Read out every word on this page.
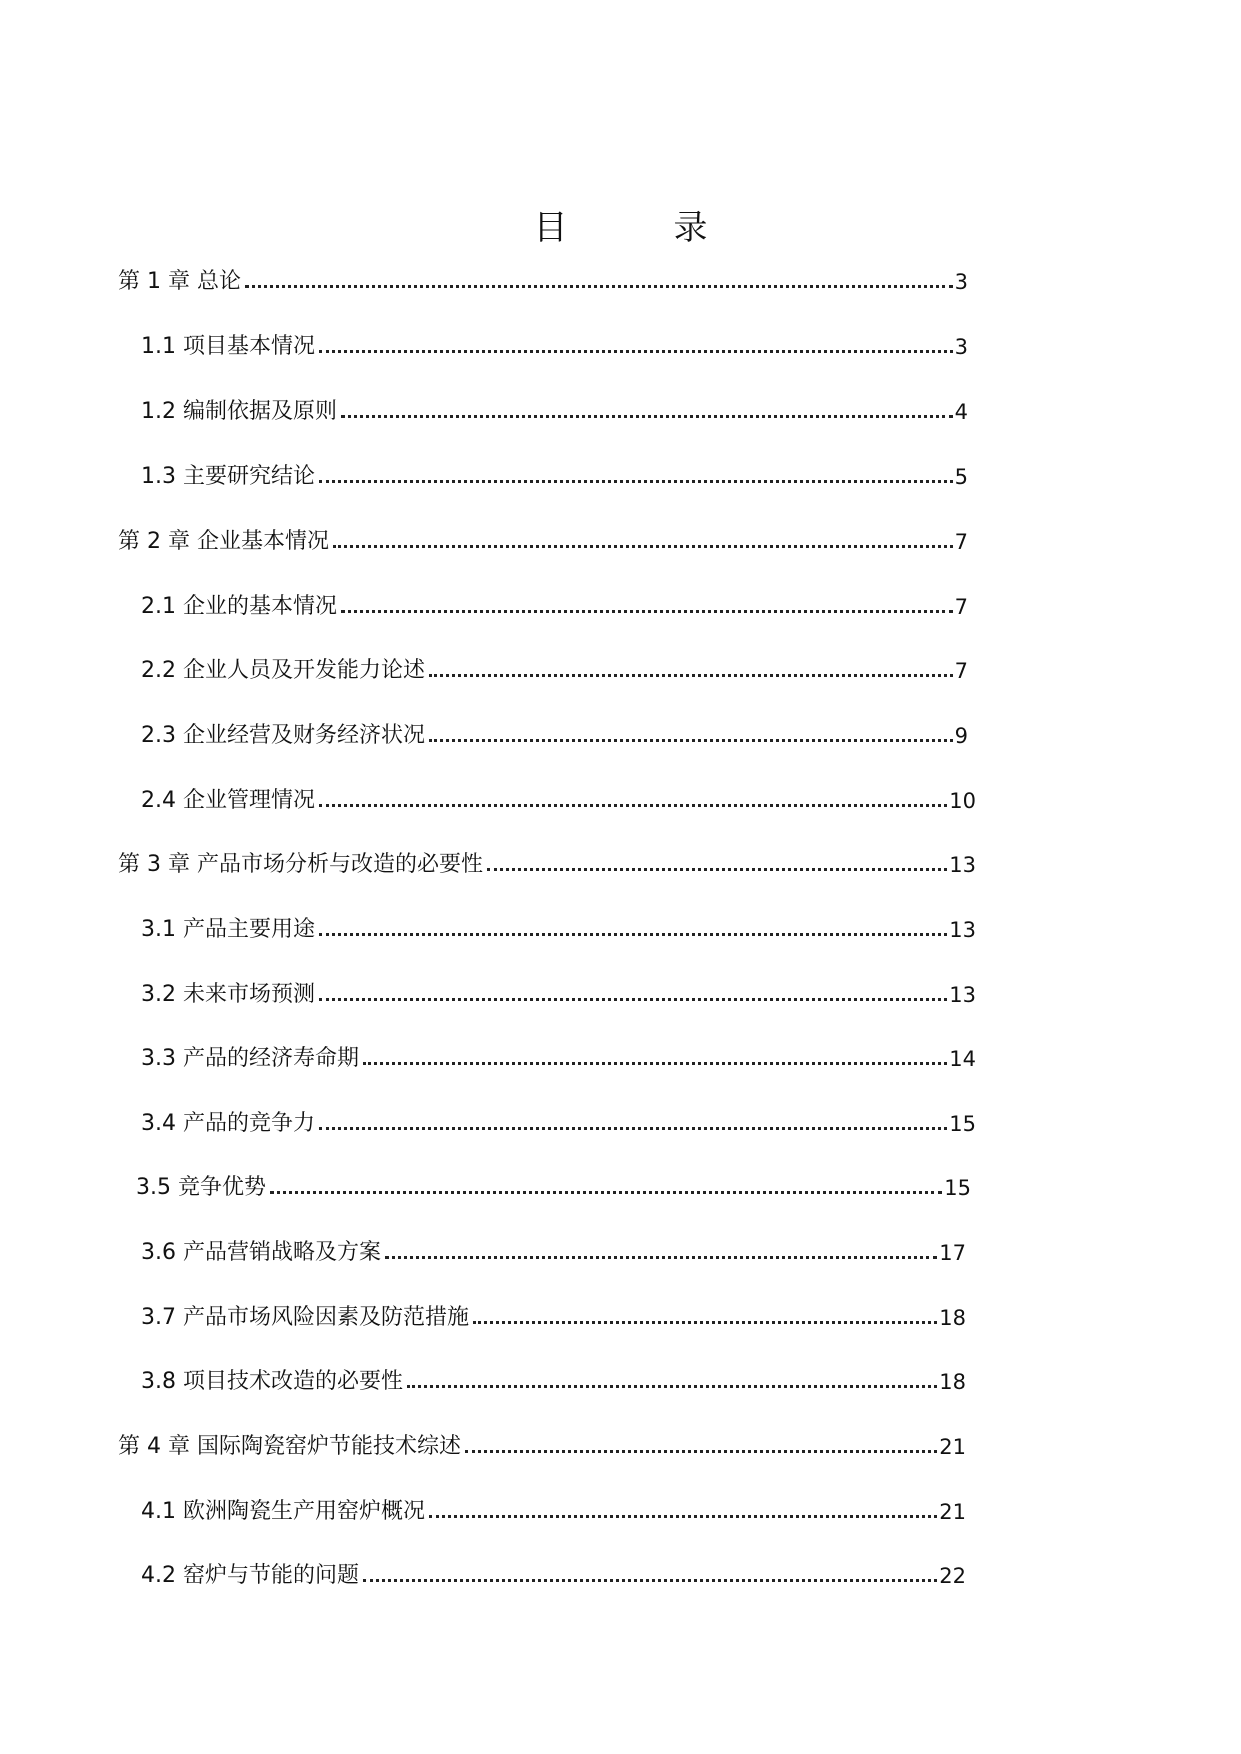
目　录
第 1 章 总论	3
1.1 项目基本情况	3
1.2 编制依据及原则	4
1.3 主要研究结论	5
第 2 章 企业基本情况	7
2.1 企业的基本情况	7
2.2 企业人员及开发能力论述	7
2.3 企业经营及财务经济状况	9
2.4 企业管理情况	10
第 3 章 产品市场分析与改造的必要性	13
3.1 产品主要用途	13
3.2 未来市场预测	13
3.3 产品的经济寿命期	14
3.4 产品的竞争力	15
3.5 竞争优势	15
3.6 产品营销战略及方案	17
3.7 产品市场风险因素及防范措施	18
3.8 项目技术改造的必要性	18
第 4 章 国际陶瓷窑炉节能技术综述	21
4.1 欧洲陶瓷生产用窑炉概况	21
4.2 窑炉与节能的问题	22
